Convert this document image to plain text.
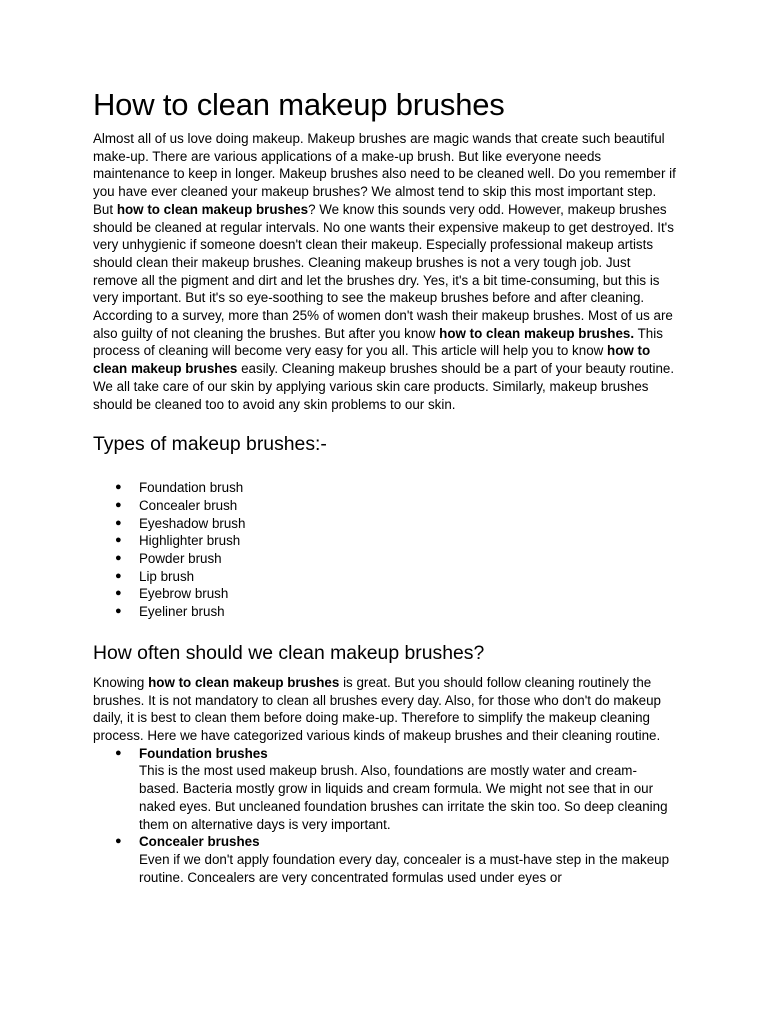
How to clean makeup brushes

Almost all of us love doing makeup. Makeup brushes are magic wands that create such beautiful make-up. There are various applications of a make-up brush. But like everyone needs maintenance to keep in longer. Makeup brushes also need to be cleaned well. Do you remember if you have ever cleaned your makeup brushes? We almost tend to skip this most important step. But how to clean makeup brushes? We know this sounds very odd. However, makeup brushes should be cleaned at regular intervals. No one wants their expensive makeup to get destroyed. It's very unhygienic if someone doesn't clean their makeup. Especially professional makeup artists should clean their makeup brushes. Cleaning makeup brushes is not a very tough job. Just remove all the pigment and dirt and let the brushes dry. Yes, it's a bit time-consuming, but this is very important. But it's so eye-soothing to see the makeup brushes before and after cleaning. According to a survey, more than 25% of women don't wash their makeup brushes. Most of us are also guilty of not cleaning the brushes. But after you know how to clean makeup brushes. This process of cleaning will become very easy for you all. This article will help you to know how to clean makeup brushes easily. Cleaning makeup brushes should be a part of your beauty routine. We all take care of our skin by applying various skin care products. Similarly, makeup brushes should be cleaned too to avoid any skin problems to our skin.

Types of makeup brushes:-
● Foundation brush
● Concealer brush
● Eyeshadow brush
● Highlighter brush
● Powder brush
● Lip brush
● Eyebrow brush
● Eyeliner brush
How often should we clean makeup brushes?

Knowing how to clean makeup brushes is great. But you should follow cleaning routinely the brushes. It is not mandatory to clean all brushes every day. Also, for those who don't do makeup daily, it is best to clean them before doing make-up. Therefore to simplify the makeup cleaning process. Here we have categorized various kinds of makeup brushes and their cleaning routine.

● Foundation brushes
This is the most used makeup brush. Also, foundations are mostly water and cream-based. Bacteria mostly grow in liquids and cream formula. We might not see that in our naked eyes. But uncleaned foundation brushes can irritate the skin too. So deep cleaning them on alternative days is very important.
● Concealer brushes
Even if we don't apply foundation every day, concealer is a must-have step in the makeup routine. Concealers are very concentrated formulas used under eyes or
